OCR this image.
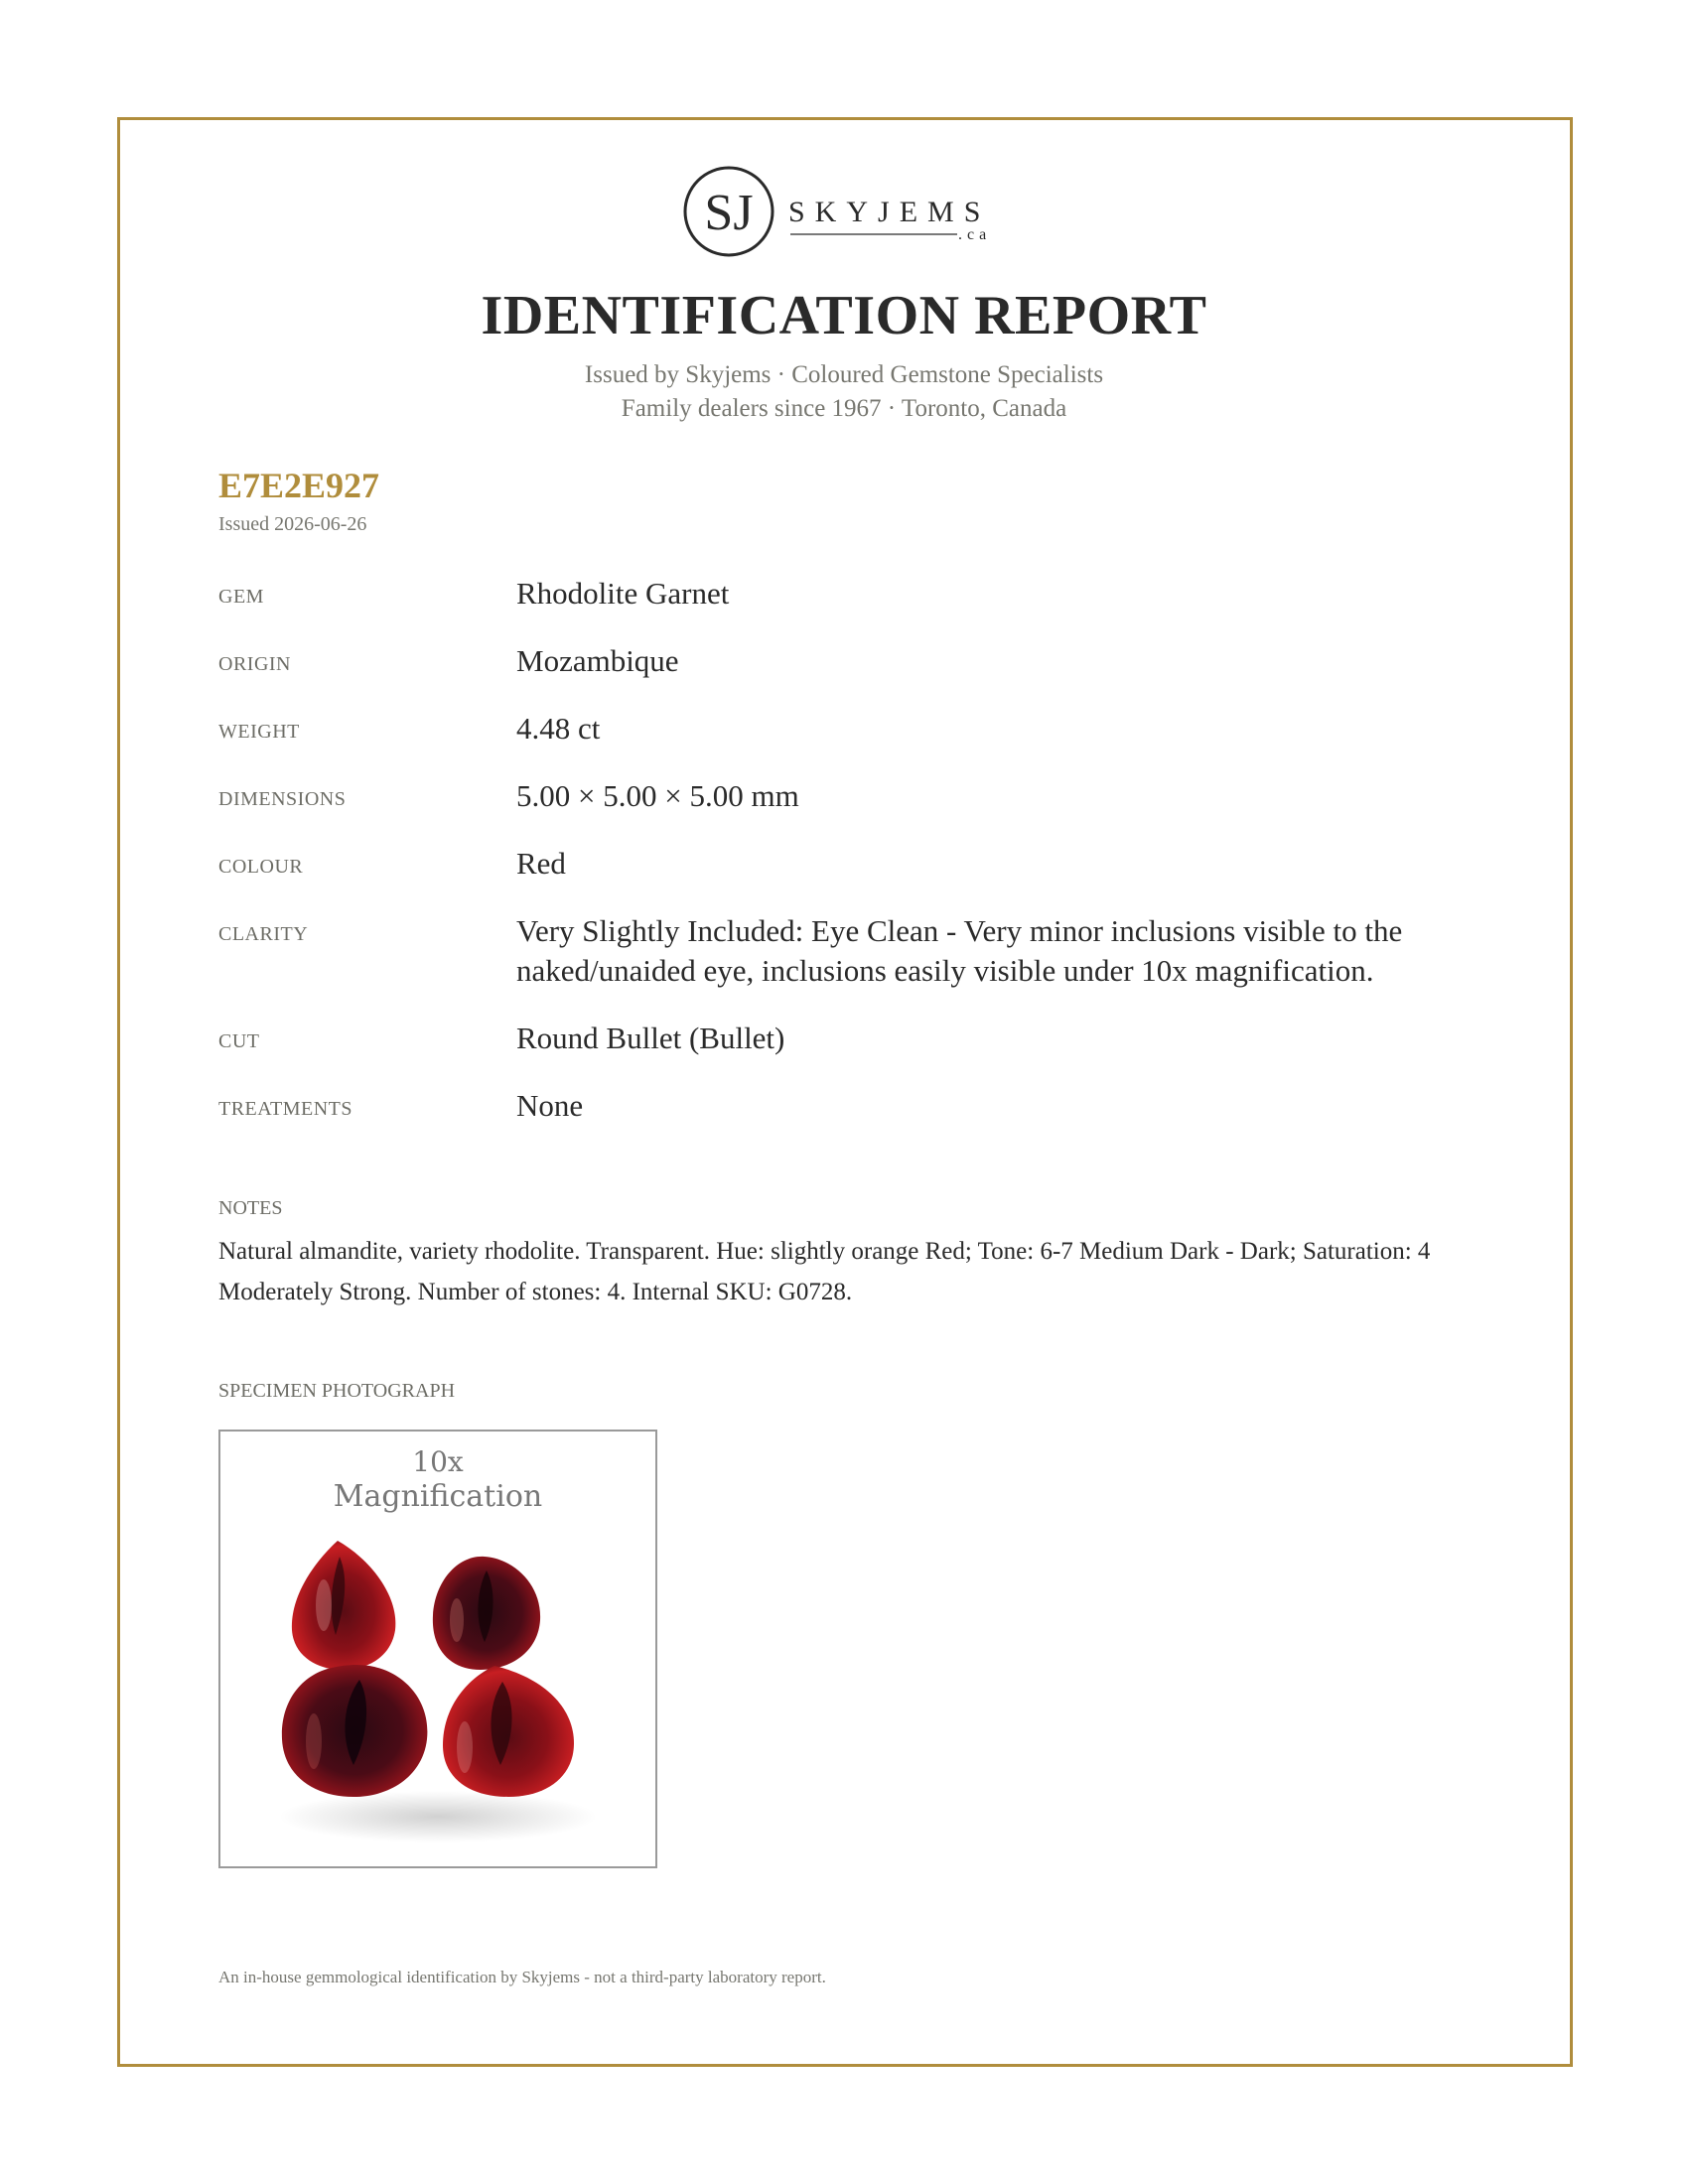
SJ SKYJEMS
.ca
IDENTIFICATION REPORT
Issued by Skyjems · Coloured Gemstone Specialists
Family dealers since 1967 · Toronto, Canada
E7E2E927
Issued 2026-06-26
GEM	Rhodolite Garnet
ORIGIN	Mozambique
WEIGHT	4.48 ct
DIMENSIONS	5.00 × 5.00 × 5.00 mm
COLOUR	Red
CLARITY	Very Slightly Included: Eye Clean - Very minor inclusions visible to the naked/unaided eye, inclusions easily visible under 10x magnification.
CUT	Round Bullet (Bullet)
TREATMENTS	None
NOTES
Natural almandite, variety rhodolite. Transparent. Hue: slightly orange Red; Tone: 6-7 Medium Dark - Dark; Saturation: 4 Moderately Strong. Number of stones: 4. Internal SKU: G0728.
SPECIMEN PHOTOGRAPH
10x
Magnification
An in-house gemmological identification by Skyjems - not a third-party laboratory report.
